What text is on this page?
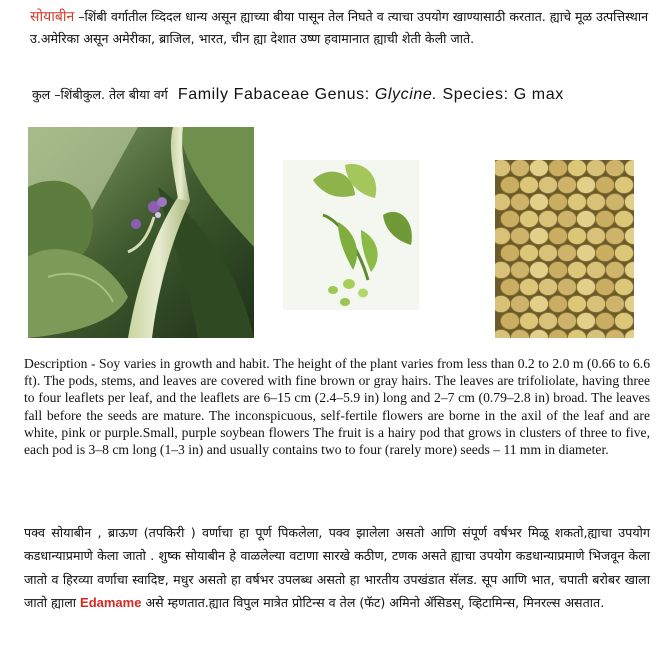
सोयाबीन –शिंबी वर्गातील व्दिदल धान्य असून ह्याच्या बीया पासून तेल निघते व त्याचा उपयोग खाण्यासाठी करतात. ह्याचे मूळ उत्पत्तिस्थान उ.अमेरिका असून अमेरीका, ब्राजिल, भारत, चीन ह्या देशात उष्ण हवामानात ह्याची शेती केली जाते.
कुल –शिंबीकुल. तेल बीया वर्ग Family Fabaceae Genus: Glycine. Species: G max
Description - Soy varies in growth and habit. The height of the plant varies from less than 0.2 to 2.0 m (0.66 to 6.6 ft). The pods, stems, and leaves are covered with fine brown or gray hairs. The leaves are trifoliolate, having three to four leaflets per leaf, and the leaflets are 6–15 cm (2.4–5.9 in) long and 2–7 cm (0.79–2.8 in) broad. The leaves fall before the seeds are mature. The inconspicuous, self-fertile flowers are borne in the axil of the leaf and are white, pink or purple.Small, purple soybean flowers The fruit is a hairy pod that grows in clusters of three to five, each pod is 3–8 cm long (1–3 in) and usually contains two to four (rarely more) seeds – 11 mm in diameter.
पक्व सोयाबीन , ब्राऊण (तपकिरी ) वर्णाचा हा पूर्ण पिकलेला, पक्व झालेला असतो आणि संपूर्ण वर्षभर मिळू शकतो,ह्याचा उपयोग कडधान्याप्रमाणे केला जातो . शुष्क सोयाबीन हे वाळलेल्या वटाणा सारखे कठीण, टणक असते ह्याचा उपयोग कडधान्याप्रमाणे भिजवून केला जातो व हिरव्या वर्णाचा स्वादिष्ट, मधुर असतो हा वर्षभर उपलब्ध असतो हा भारतीय उपखंडात सॅलड. सूप आणि भात, चपाती बरोबर खाला जातो ह्याला Edamame असे म्हणतात.ह्यात विपुल मात्रेत प्रोटिन्स व तेल (फॅट) अमिनो ॲसिडस्, व्हिटामिन्स, मिनरल्स असतात.
